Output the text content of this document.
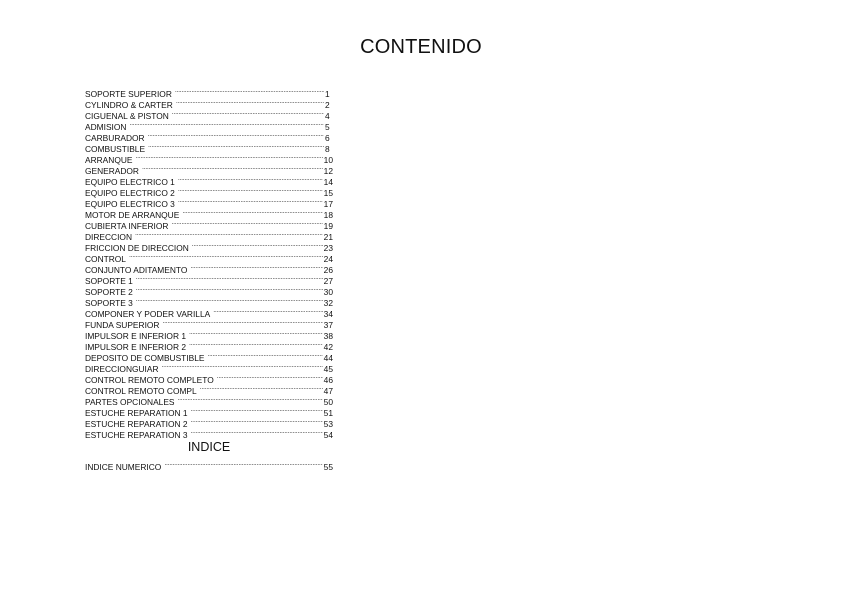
CONTENIDO
SOPORTE SUPERIOR .....	1
CYLINDRO & CARTER .....	2
CIGUENAL & PISTON .....	4
ADMISION .....	5
CARBURADOR .....	6
COMBUSTIBLE .....	8
ARRANQUE .....	10
GENERADOR .....	12
EQUIPO ELECTRICO 1 .....	14
EQUIPO ELECTRICO 2 .....	15
EQUIPO ELECTRICO 3 .....	17
MOTOR DE ARRANQUE .....	18
CUBIERTA INFERIOR .....	19
DIRECCION .....	21
FRICCION DE DIRECCION .....	23
CONTROL .....	24
CONJUNTO ADITAMENTO .....	26
SOPORTE 1 .....	27
SOPORTE 2 .....	30
SOPORTE 3 .....	32
COMPONER Y PODER VARILLA .....	34
FUNDA SUPERIOR .....	37
IMPULSOR E INFERIOR 1 .....	38
IMPULSOR E INFERIOR 2 .....	42
DEPOSITO DE COMBUSTIBLE .....	44
DIRECCIONGUIAR .....	45
CONTROL REMOTO COMPLETO .....	46
CONTROL REMOTO COMPL .....	47
PARTES OPCIONALES .....	50
ESTUCHE REPARATION 1 .....	51
ESTUCHE REPARATION 2 .....	53
ESTUCHE REPARATION 3 .....	54
INDICE
INDICE NUMERICO .....	55
